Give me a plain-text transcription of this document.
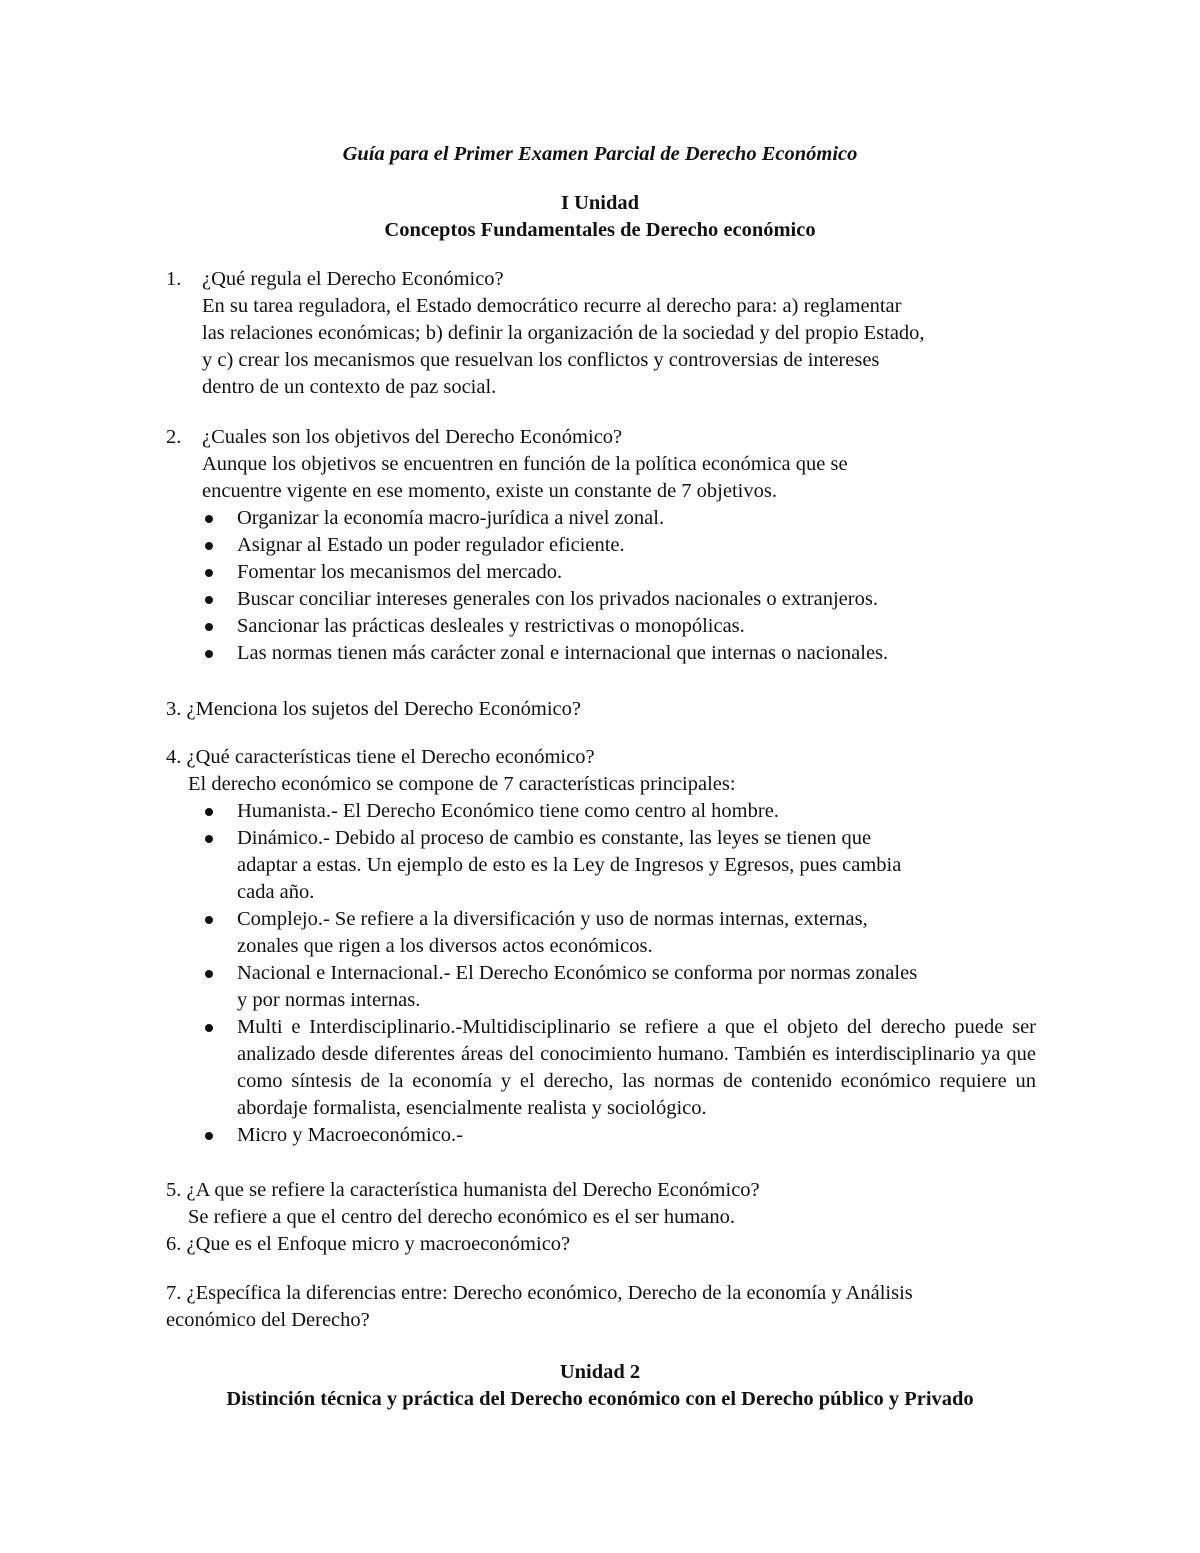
Guía para el Primer Examen Parcial de Derecho Económico
I Unidad
Conceptos Fundamentales de Derecho económico
1.	¿Qué regula el Derecho Económico?
En su tarea reguladora, el Estado democrático recurre al derecho para: a) reglamentar
las relaciones económicas; b) definir la organización de la sociedad y del propio Estado,
y c) crear los mecanismos que resuelvan los conflictos y controversias de intereses
dentro de un contexto de paz social.
2.	¿Cuales son los objetivos del Derecho Económico?
Aunque los objetivos se encuentren en función de la política económica que se
encuentre vigente en ese momento, existe un constante de 7 objetivos.
Organizar la economía macro-jurídica a nivel zonal.
Asignar al Estado un poder regulador eficiente.
Fomentar los mecanismos del mercado.
Buscar conciliar intereses generales con los privados nacionales o extranjeros.
Sancionar las prácticas desleales y restrictivas o monopólicas.
Las normas tienen más carácter zonal e internacional que internas o nacionales.
3. ¿Menciona los sujetos del Derecho Económico?
4. ¿Qué características tiene el Derecho económico?
El derecho económico se compone de 7 características principales:
Humanista.- El Derecho Económico tiene como centro al hombre.
Dinámico.- Debido al proceso de cambio es constante, las leyes se tienen que
adaptar a estas. Un ejemplo de esto es la Ley de Ingresos y Egresos, pues cambia
cada año.
Complejo.- Se refiere a la diversificación y uso de normas internas, externas,
zonales que rigen a los diversos actos económicos.
Nacional e Internacional.- El Derecho Económico se conforma por normas zonales
y por normas internas.
Multi e Interdisciplinario.-Multidisciplinario se refiere a que el objeto del derecho puede ser analizado desde diferentes áreas del conocimiento humano. También es interdisciplinario ya que como síntesis de la economía y el derecho, las normas de contenido económico requiere un abordaje formalista, esencialmente realista y sociológico.
Micro y Macroeconómico.-
5. ¿A que se refiere la característica humanista del Derecho Económico?
Se refiere a que el centro del derecho económico es el ser humano.
6. ¿Que es el Enfoque micro y macroeconómico?
7. ¿Específica la diferencias entre: Derecho económico, Derecho de la economía y Análisis
económico del Derecho?
Unidad 2
Distinción técnica y práctica del Derecho económico con el Derecho público y Privado
